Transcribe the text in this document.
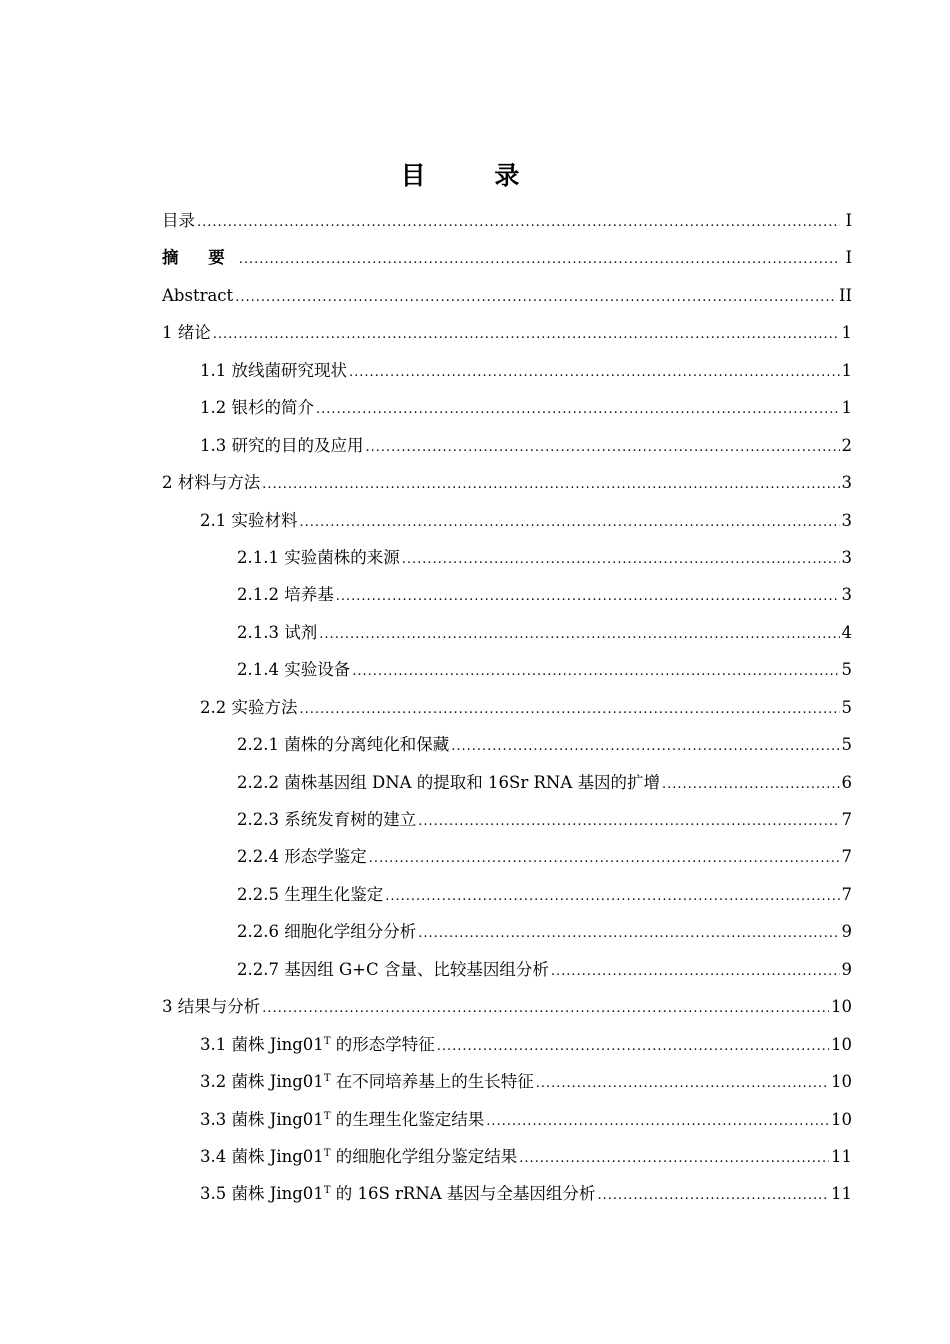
目 录
目录 .....	I
摘 要 .....	I
Abstract .....	II
1 绪论 .....	1
1.1 放线菌研究现状 .....	1
1.2 银杉的简介 .....	1
1.3 研究的目的及应用 .....	2
2 材料与方法 .....	3
2.1 实验材料 .....	3
2.1.1 实验菌株的来源 .....	3
2.1.2 培养基 .....	3
2.1.3 试剂 .....	4
2.1.4 实验设备 .....	5
2.2 实验方法 .....	5
2.2.1 菌株的分离纯化和保藏 .....	5
2.2.2 菌株基因组 DNA 的提取和 16Sr RNA 基因的扩增 .....	6
2.2.3 系统发育树的建立 .....	7
2.2.4 形态学鉴定 .....	7
2.2.5 生理生化鉴定 .....	7
2.2.6 细胞化学组分分析 .....	9
2.2.7 基因组 G+C 含量、比较基因组分析 .....	9
3 结果与分析 .....	10
3.1 菌株 $Jing01^T$ 的形态学特征 .....	10
3.2 菌株 $Jing01^T$ 在不同培养基上的生长特征 .....	10
3.3 菌株 $Jing01^T$ 的生理生化鉴定结果 .....	10
3.4 菌株 $Jing01^T$ 的细胞化学组分鉴定结果 .....	11
3.5 菌株 $Jing01^T$ 的 16S rRNA 基因与全基因组分析 .....	11
